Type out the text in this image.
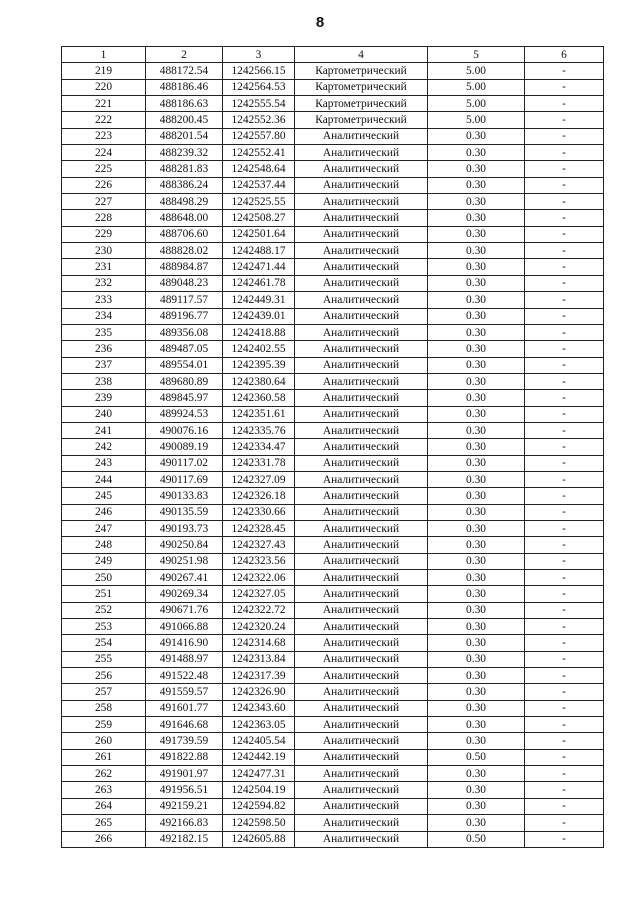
8
1	2	3	4	5	6
219	488172.54	1242566.15	Картометрический	5.00	-
220	488186.46	1242564.53	Картометрический	5.00	-
221	488186.63	1242555.54	Картометрический	5.00	-
222	488200.45	1242552.36	Картометрический	5.00	-
223	488201.54	1242557.80	Аналитический	0.30	-
224	488239.32	1242552.41	Аналитический	0.30	-
225	488281.83	1242548.64	Аналитический	0.30	-
226	488386.24	1242537.44	Аналитический	0.30	-
227	488498.29	1242525.55	Аналитический	0.30	-
228	488648.00	1242508.27	Аналитический	0.30	-
229	488706.60	1242501.64	Аналитический	0.30	-
230	488828.02	1242488.17	Аналитический	0.30	-
231	488984.87	1242471.44	Аналитический	0.30	-
232	489048.23	1242461.78	Аналитический	0.30	-
233	489117.57	1242449.31	Аналитический	0.30	-
234	489196.77	1242439.01	Аналитический	0.30	-
235	489356.08	1242418.88	Аналитический	0.30	-
236	489487.05	1242402.55	Аналитический	0.30	-
237	489554.01	1242395.39	Аналитический	0.30	-
238	489680.89	1242380.64	Аналитический	0.30	-
239	489845.97	1242360.58	Аналитический	0.30	-
240	489924.53	1242351.61	Аналитический	0.30	-
241	490076.16	1242335.76	Аналитический	0.30	-
242	490089.19	1242334.47	Аналитический	0.30	-
243	490117.02	1242331.78	Аналитический	0.30	-
244	490117.69	1242327.09	Аналитический	0.30	-
245	490133.83	1242326.18	Аналитический	0.30	-
246	490135.59	1242330.66	Аналитический	0.30	-
247	490193.73	1242328.45	Аналитический	0.30	-
248	490250.84	1242327.43	Аналитический	0.30	-
249	490251.98	1242323.56	Аналитический	0.30	-
250	490267.41	1242322.06	Аналитический	0.30	-
251	490269.34	1242327.05	Аналитический	0.30	-
252	490671.76	1242322.72	Аналитический	0.30	-
253	491066.88	1242320.24	Аналитический	0.30	-
254	491416.90	1242314.68	Аналитический	0.30	-
255	491488.97	1242313.84	Аналитический	0.30	-
256	491522.48	1242317.39	Аналитический	0.30	-
257	491559.57	1242326.90	Аналитический	0.30	-
258	491601.77	1242343.60	Аналитический	0.30	-
259	491646.68	1242363.05	Аналитический	0.30	-
260	491739.59	1242405.54	Аналитический	0.30	-
261	491822.88	1242442.19	Аналитический	0.50	-
262	491901.97	1242477.31	Аналитический	0.30	-
263	491956.51	1242504.19	Аналитический	0.30	-
264	492159.21	1242594.82	Аналитический	0.30	-
265	492166.83	1242598.50	Аналитический	0.30	-
266	492182.15	1242605.88	Аналитический	0.50	-
